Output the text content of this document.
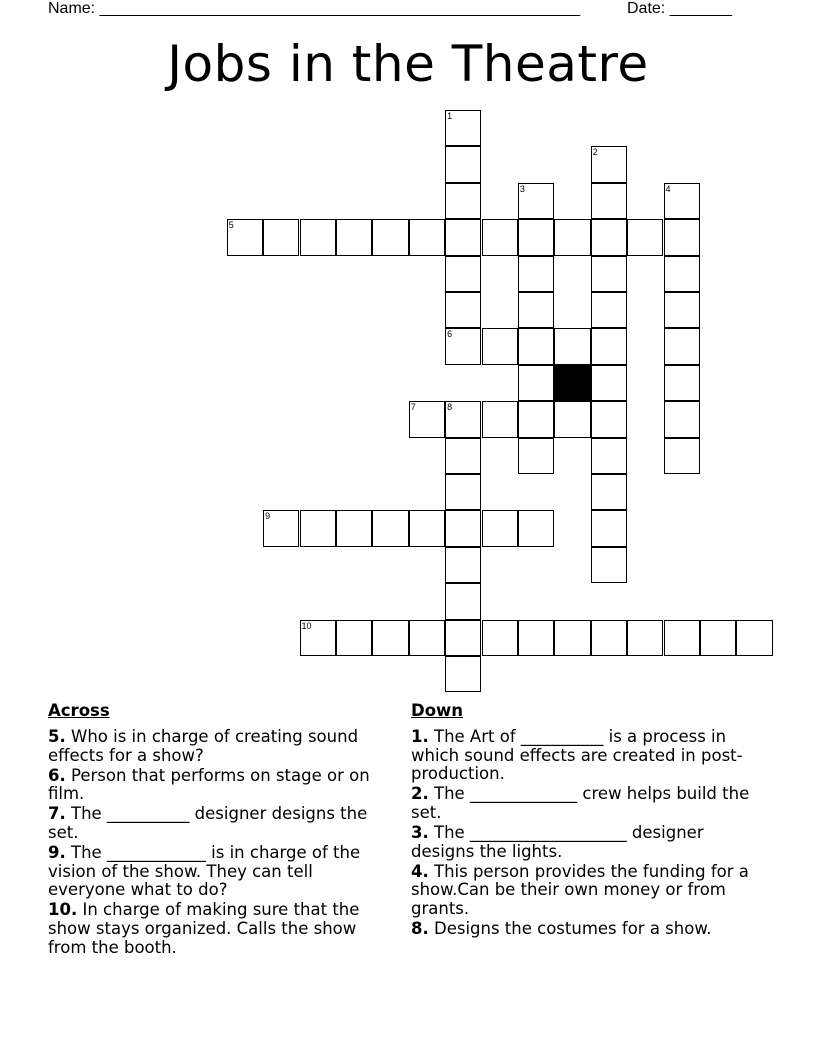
Name: ______________________________________________________	Date: _______
Jobs in the Theatre
1
2
3	4
5
6
7	8
9
10
Across
5. Who is in charge of creating sound effects for a show?
6. Person that performs on stage or on film.
7. The __________ designer designs the set.
9. The ____________ is in charge of the vision of the show. They can tell everyone what to do?
10. In charge of making sure that the show stays organized. Calls the show from the booth.
Down
1. The Art of __________ is a process in which sound effects are created in post-production.
2. The _____________ crew helps build the set.
3. The ___________________ designer designs the lights.
4. This person provides the funding for a show.Can be their own money or from grants.
8. Designs the costumes for a show.
